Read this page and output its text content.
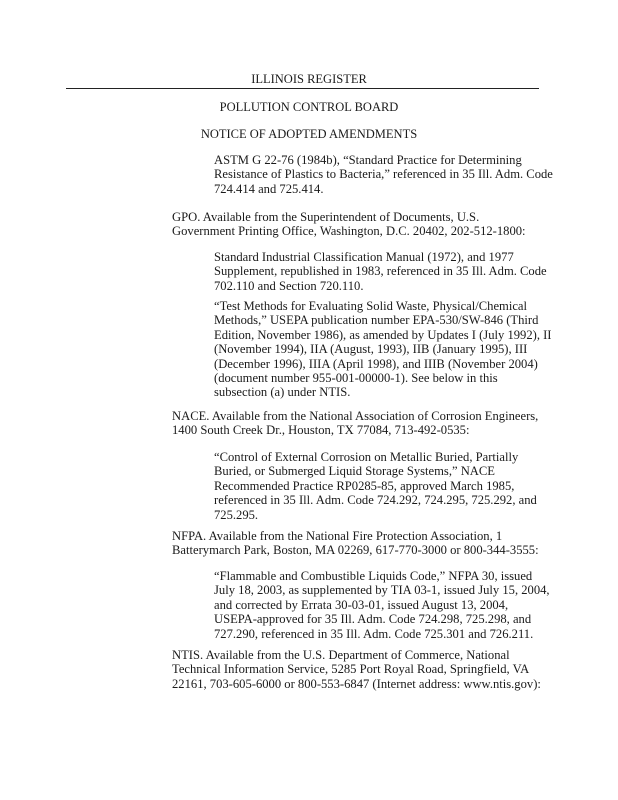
ILLINOIS REGISTER
POLLUTION CONTROL BOARD
NOTICE OF ADOPTED AMENDMENTS
ASTM G 22-76 (1984b), “Standard Practice for Determining
Resistance of Plastics to Bacteria,” referenced in 35 Ill. Adm. Code
724.414 and 725.414.
GPO. Available from the Superintendent of Documents, U.S.
Government Printing Office, Washington, D.C. 20402, 202-512-1800:
Standard Industrial Classification Manual (1972), and 1977
Supplement, republished in 1983, referenced in 35 Ill. Adm. Code
702.110 and Section 720.110.
“Test Methods for Evaluating Solid Waste, Physical/Chemical
Methods,” USEPA publication number EPA-530/SW-846 (Third
Edition, November 1986), as amended by Updates I (July 1992), II
(November 1994), IIA (August, 1993), IIB (January 1995), III
(December 1996), IIIA (April 1998), and IIIB (November 2004)
(document number 955-001-00000-1). See below in this
subsection (a) under NTIS.
NACE. Available from the National Association of Corrosion Engineers,
1400 South Creek Dr., Houston, TX 77084, 713-492-0535:
“Control of External Corrosion on Metallic Buried, Partially
Buried, or Submerged Liquid Storage Systems,” NACE
Recommended Practice RP0285-85, approved March 1985,
referenced in 35 Ill. Adm. Code 724.292, 724.295, 725.292, and
725.295.
NFPA. Available from the National Fire Protection Association, 1
Batterymarch Park, Boston, MA 02269, 617-770-3000 or 800-344-3555:
“Flammable and Combustible Liquids Code,” NFPA 30, issued
July 18, 2003, as supplemented by TIA 03-1, issued July 15, 2004,
and corrected by Errata 30-03-01, issued August 13, 2004,
USEPA-approved for 35 Ill. Adm. Code 724.298, 725.298, and
727.290, referenced in 35 Ill. Adm. Code 725.301 and 726.211.
NTIS. Available from the U.S. Department of Commerce, National
Technical Information Service, 5285 Port Royal Road, Springfield, VA
22161, 703-605-6000 or 800-553-6847 (Internet address: www.ntis.gov):
